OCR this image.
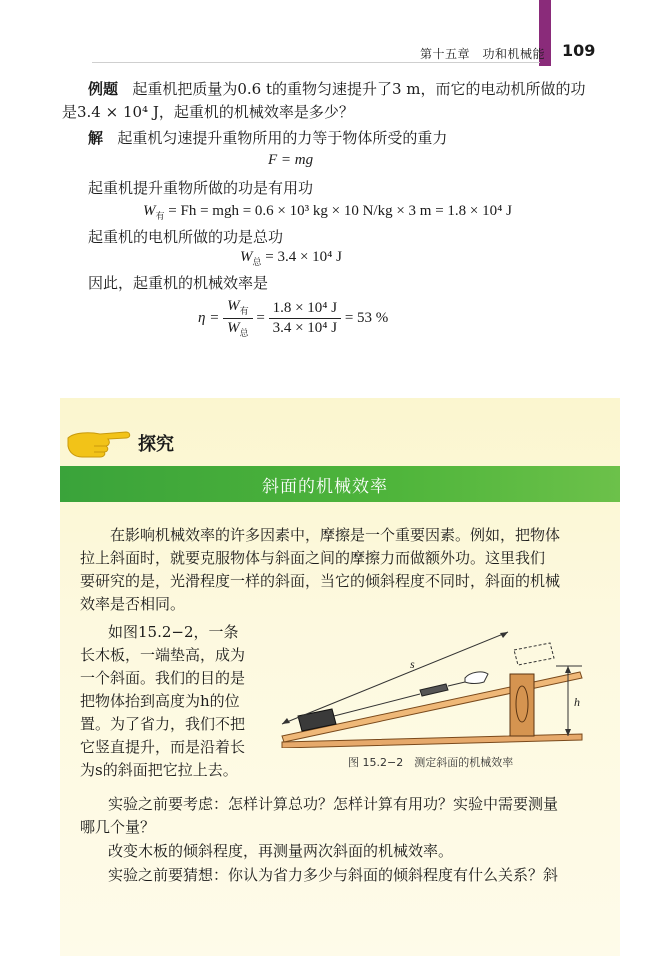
第十五章　功和机械能 109
例题 起重机把质量为0.6 t的重物匀速提升了3 m，而它的电动机所做的功
是3.4 × 10⁴ J，起重机的机械效率是多少？
解 起重机匀速提升重物所用的力等于物体所受的重力
F = mg
起重机提升重物所做的功是有用功
$W_有 = Fh$ = mgh = 0.6 × 10³ kg × 10 N/kg × 3 m = 1.8 × 10⁴ J
起重机的电机所做的功是总功
$W_总 = 3.4 \times 10^4$ J
因此，起重机的机械效率是
$\eta = \frac{W_有}{W_总} = \frac{\text{1.8 × 10⁴ J}}{\text{3.4 × 10⁴ J}} = 53$ %
探究
斜面的机械效率
在影响机械效率的许多因素中，摩擦是一个重要因素。例如，把物体
拉上斜面时，就要克服物体与斜面之间的摩擦力而做额外功。这里我们
要研究的是，光滑程度一样的斜面，当它的倾斜程度不同时，斜面的机械
效率是否相同。
如图15.2−2，一条
长木板，一端垫高，成为
一个斜面。我们的目的是
把物体抬到高度为h的位
置。为了省力，我们不把
它竖直提升，而是沿着长
为s的斜面把它拉上去。
s
h
图 15.2−2　测定斜面的机械效率
实验之前要考虑：怎样计算总功？怎样计算有用功？实验中需要测量
哪几个量？
改变木板的倾斜程度，再测量两次斜面的机械效率。
实验之前要猜想：你认为省力多少与斜面的倾斜程度有什么关系？斜
